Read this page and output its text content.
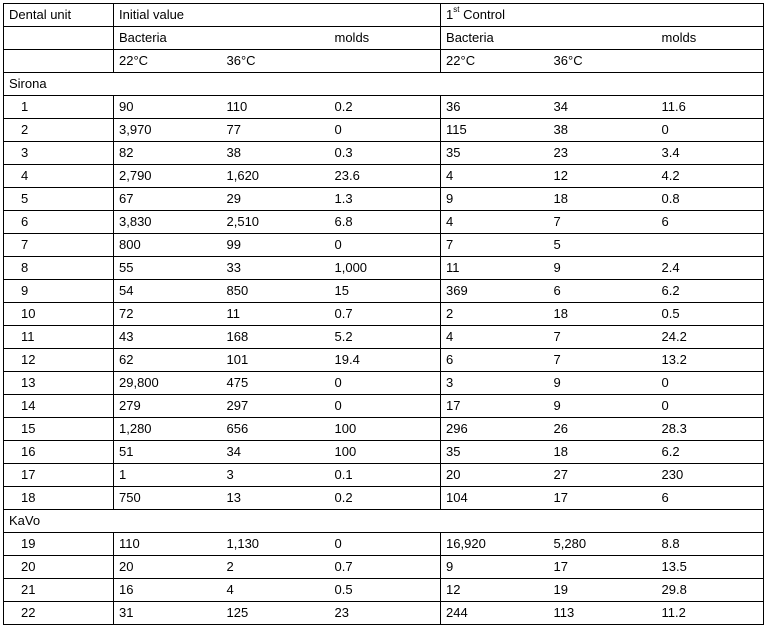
Dental unit	Initial value			1st Control		
	Bacteria		molds	Bacteria		molds
	22°C	36°C		22°C	36°C	
Sirona						
1	90	110	0.2	36	34	11.6
2	3,970	77	0	115	38	0
3	82	38	0.3	35	23	3.4
4	2,790	1,620	23.6	4	12	4.2
5	67	29	1.3	9	18	0.8
6	3,830	2,510	6.8	4	7	6
7	800	99	0	7	5	
8	55	33	1,000	11	9	2.4
9	54	850	15	369	6	6.2
10	72	11	0.7	2	18	0.5
11	43	168	5.2	4	7	24.2
12	62	101	19.4	6	7	13.2
13	29,800	475	0	3	9	0
14	279	297	0	17	9	0
15	1,280	656	100	296	26	28.3
16	51	34	100	35	18	6.2
17	1	3	0.1	20	27	230
18	750	13	0.2	104	17	6
KaVo						
19	110	1,130	0	16,920	5,280	8.8
20	20	2	0.7	9	17	13.5
21	16	4	0.5	12	19	29.8
22	31	125	23	244	113	11.2
